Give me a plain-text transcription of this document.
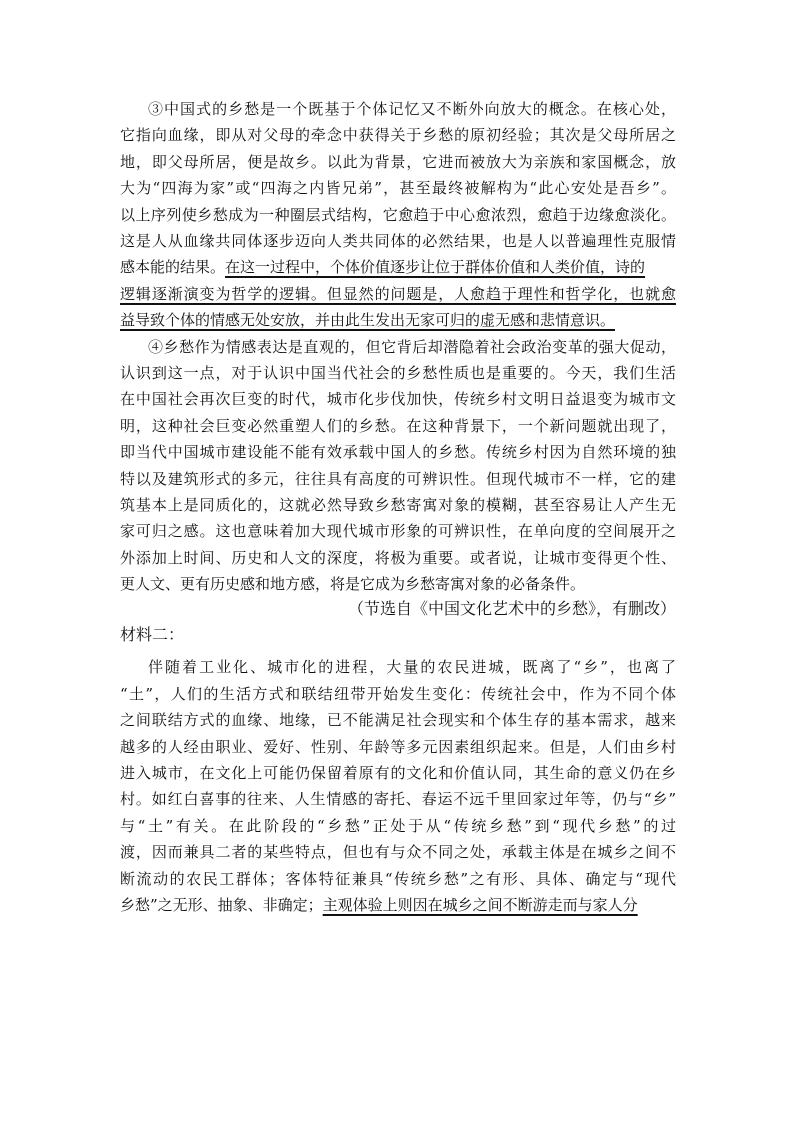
③中国式的乡愁是一个既基于个体记忆又不断外向放大的概念。在核心处，
它指向血缘，即从对父母的牵念中获得关于乡愁的原初经验；其次是父母所居之
地，即父母所居，便是故乡。以此为背景，它进而被放大为亲族和家国概念，放
大为“四海为家”或“四海之内皆兄弟”，甚至最终被解构为“此心安处是吾乡”。
以上序列使乡愁成为一种圈层式结构，它愈趋于中心愈浓烈，愈趋于边缘愈淡化。
这是人从血缘共同体逐步迈向人类共同体的必然结果，也是人以普遍理性克服情
感本能的结果。在这一过程中，个体价值逐步让位于群体价值和人类价值，诗的
逻辑逐渐演变为哲学的逻辑。但显然的问题是，人愈趋于理性和哲学化，也就愈
益导致个体的情感无处安放，并由此生发出无家可归的虚无感和悲情意识。
④乡愁作为情感表达是直观的，但它背后却潜隐着社会政治变革的强大促动，
认识到这一点，对于认识中国当代社会的乡愁性质也是重要的。今天，我们生活
在中国社会再次巨变的时代，城市化步伐加快，传统乡村文明日益退变为城市文
明，这种社会巨变必然重塑人们的乡愁。在这种背景下，一个新问题就出现了，
即当代中国城市建设能不能有效承载中国人的乡愁。传统乡村因为自然环境的独
特以及建筑形式的多元，往往具有高度的可辨识性。但现代城市不一样，它的建
筑基本上是同质化的，这就必然导致乡愁寄寓对象的模糊，甚至容易让人产生无
家可归之感。这也意味着加大现代城市形象的可辨识性，在单向度的空间展开之
外添加上时间、历史和人文的深度，将极为重要。或者说，让城市变得更个性、
更人文、更有历史感和地方感，将是它成为乡愁寄寓对象的必备条件。
（节选自《中国文化艺术中的乡愁》，有删改）
材料二：
伴随着工业化、城市化的进程，大量的农民进城，既离了“乡”，也离了
“土”，人们的生活方式和联结纽带开始发生变化：传统社会中，作为不同个体
之间联结方式的血缘、地缘，已不能满足社会现实和个体生存的基本需求，越来
越多的人经由职业、爱好、性别、年龄等多元因素组织起来。但是，人们由乡村
进入城市，在文化上可能仍保留着原有的文化和价值认同，其生命的意义仍在乡
村。如红白喜事的往来、人生情感的寄托、春运不远千里回家过年等，仍与“乡”
与“土”有关。在此阶段的“乡愁”正处于从“传统乡愁”到“现代乡愁”的过
渡，因而兼具二者的某些特点，但也有与众不同之处，承载主体是在城乡之间不
断流动的农民工群体；客体特征兼具“传统乡愁”之有形、具体、确定与“现代
乡愁”之无形、抽象、非确定；主观体验上则因在城乡之间不断游走而与家人分
